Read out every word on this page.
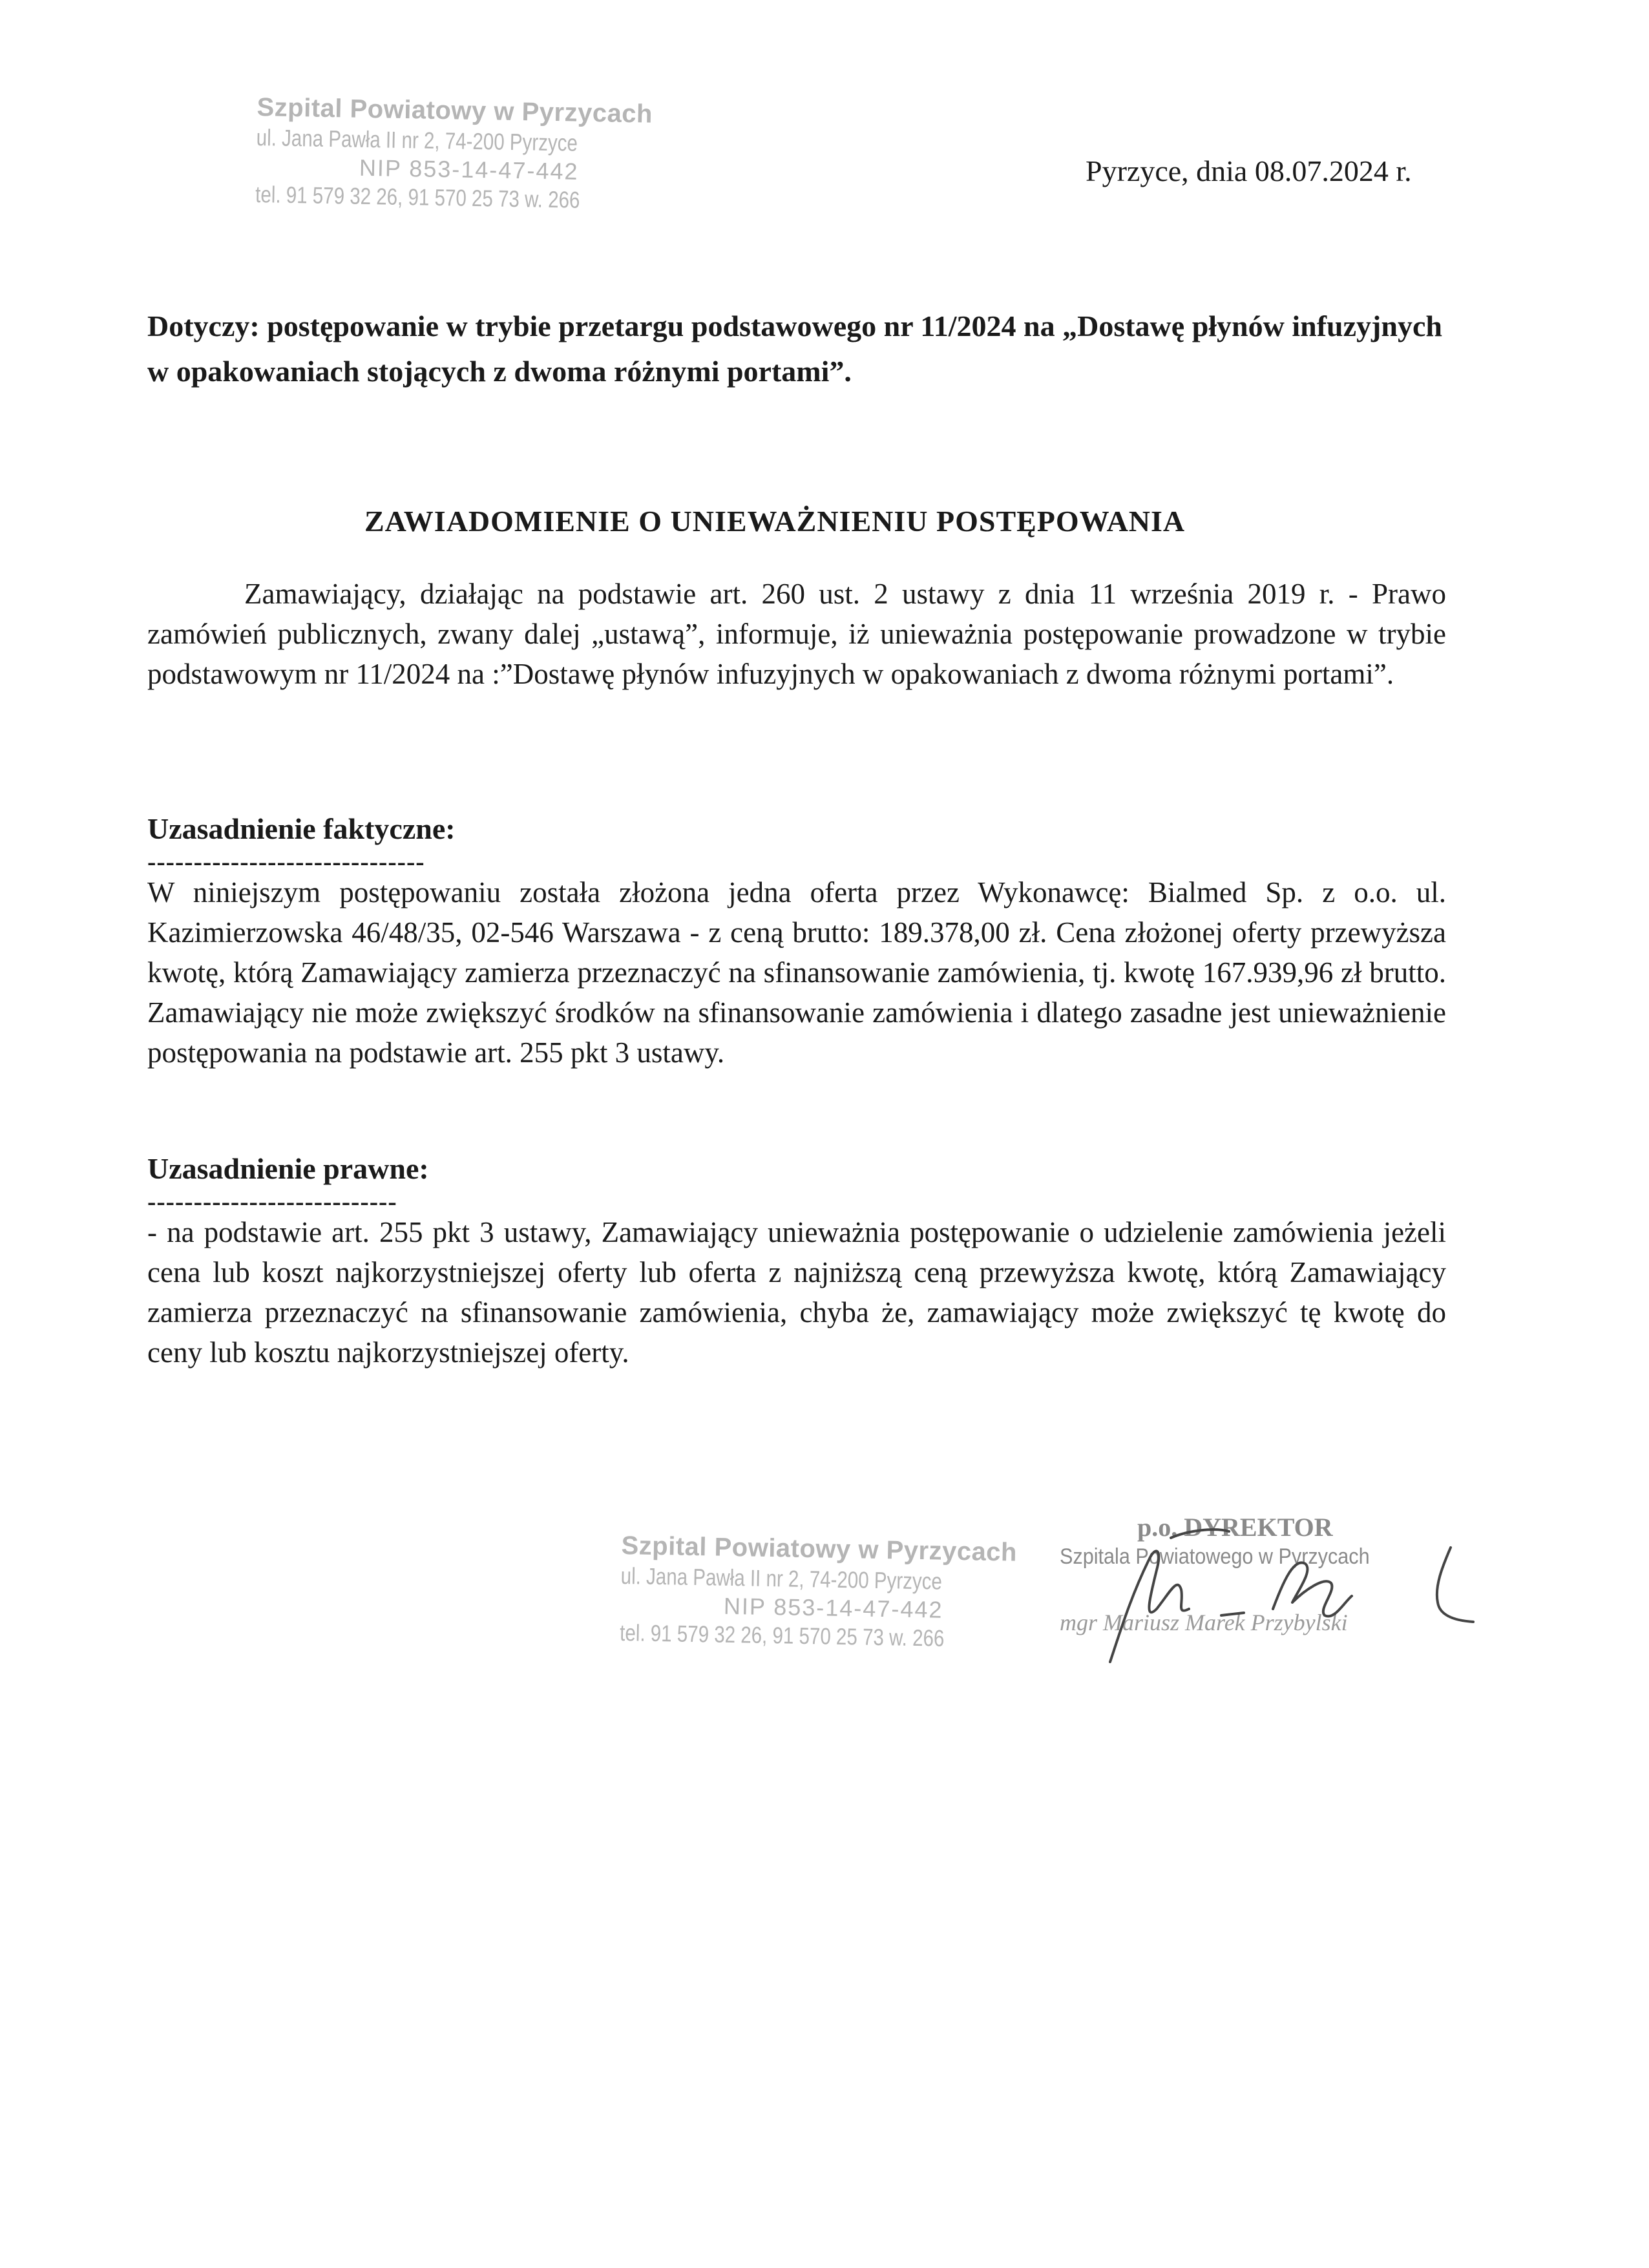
Szpital Powiatowy w Pyrzycach
ul. Jana Pawła II nr 2, 74-200 Pyrzyce
NIP 853-14-47-442
tel. 91 579 32 26, 91 570 25 73 w. 266
Pyrzyce, dnia 08.07.2024 r.
Dotyczy: postępowanie w trybie przetargu podstawowego nr 11/2024 na „Dostawę płynów infuzyjnych w opakowaniach stojących z dwoma różnymi portami”.
ZAWIADOMIENIE O UNIEWAŻNIENIU POSTĘPOWANIA
Zamawiający, działając na podstawie art. 260 ust. 2 ustawy z dnia 11 września 2019 r. - Prawo zamówień publicznych, zwany dalej „ustawą”, informuje, iż unieważnia postępowanie prowadzone w trybie podstawowym nr 11/2024 na :”Dostawę płynów infuzyjnych w opakowaniach z dwoma różnymi portami”.
Uzasadnienie faktyczne:
------------------------------
W niniejszym postępowaniu została złożona jedna oferta przez Wykonawcę: Bialmed Sp. z o.o. ul. Kazimierzowska 46/48/35, 02-546 Warszawa - z ceną brutto: 189.378,00 zł. Cena złożonej oferty przewyższa kwotę, którą Zamawiający zamierza przeznaczyć na sfinansowanie zamówienia, tj. kwotę 167.939,96 zł brutto. Zamawiający nie może zwiększyć środków na sfinansowanie zamówienia i dlatego zasadne jest unieważnienie postępowania na podstawie art. 255 pkt 3 ustawy.
Uzasadnienie prawne:
---------------------------
- na podstawie art. 255 pkt 3 ustawy, Zamawiający unieważnia postępowanie o udzielenie zamówienia jeżeli cena lub koszt najkorzystniejszej oferty lub oferta z najniższą ceną przewyższa kwotę, którą Zamawiający zamierza przeznaczyć na sfinansowanie zamówienia, chyba że, zamawiający może zwiększyć tę kwotę do ceny lub kosztu najkorzystniejszej oferty.
Szpital Powiatowy w Pyrzycach
ul. Jana Pawła II nr 2, 74-200 Pyrzyce
NIP 853-14-47-442
tel. 91 579 32 26, 91 570 25 73 w. 266
p.o. DYREKTOR
Szpitala Powiatowego w Pyrzycach
mgr Mariusz Marek Przybylski
